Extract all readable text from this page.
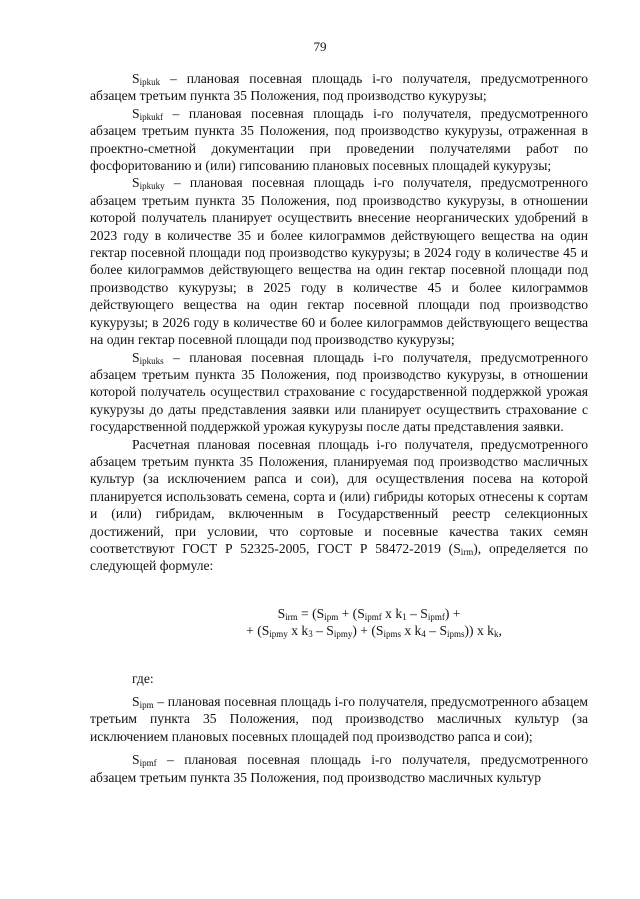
79

$S_{ipkuk}$ – плановая посевная площадь i-го получателя, предусмотренного абзацем третьим пункта 35 Положения, под производство кукурузы;

$S_{ipkukf}$ – плановая посевная площадь i-го получателя, предусмотренного абзацем третьим пункта 35 Положения, под производство кукурузы, отраженная в проектно-сметной документации при проведении получателями работ по фосфоритованию и (или) гипсованию плановых посевных площадей кукурузы;

$S_{ipkuky}$ – плановая посевная площадь i-го получателя, предусмотренного абзацем третьим пункта 35 Положения, под производство кукурузы, в отношении которой получатель планирует осуществить внесение неорганических удобрений в 2023 году в количестве 35 и более килограммов действующего вещества на один гектар посевной площади под производство кукурузы; в 2024 году в количестве 45 и более килограммов действующего вещества на один гектар посевной площади под производство кукурузы; в 2025 году в количестве 45 и более килограммов действующего вещества на один гектар посевной площади под производство кукурузы; в 2026 году в количестве 60 и более килограммов действующего вещества на один гектар посевной площади под производство кукурузы;

$S_{ipkuks}$ – плановая посевная площадь i-го получателя, предусмотренного абзацем третьим пункта 35 Положения, под производство кукурузы, в отношении которой получатель осуществил страхование с государственной поддержкой урожая кукурузы до даты представления заявки или планирует осуществить страхование с государственной поддержкой урожая кукурузы после даты представления заявки.

Расчетная плановая посевная площадь i-го получателя, предусмотренного абзацем третьим пункта 35 Положения, планируемая под производство масличных культур (за исключением рапса и сои), для осуществления посева на которой планируется использовать семена, сорта и (или) гибриды которых отнесены к сортам и (или) гибридам, включенным в Государственный реестр селекционных достижений, при условии, что сортовые и посевные качества таких семян соответствуют ГОСТ Р 52325-2005, ГОСТ Р 58472-2019 $(S_{irm})$, определяется по следующей формуле:

$S_{irm} = (S_{ipm} + (S_{ipmf}$ x $k_1 - S_{ipmf}$) +
+ ($S_{ipmy}$ x $k_3 - S_{ipmy}) + (S_{ipms}$ x $k_4 - S_{ipms}$)) x $k_k$,

где:

$S_{ipm}$ – плановая посевная площадь i-го получателя, предусмотренного абзацем третьим пункта 35 Положения, под производство масличных культур (за исключением плановых посевных площадей под производство рапса и сои);

$S_{ipmf}$ – плановая посевная площадь i-го получателя, предусмотренного абзацем третьим пункта 35 Положения, под производство масличных культур
